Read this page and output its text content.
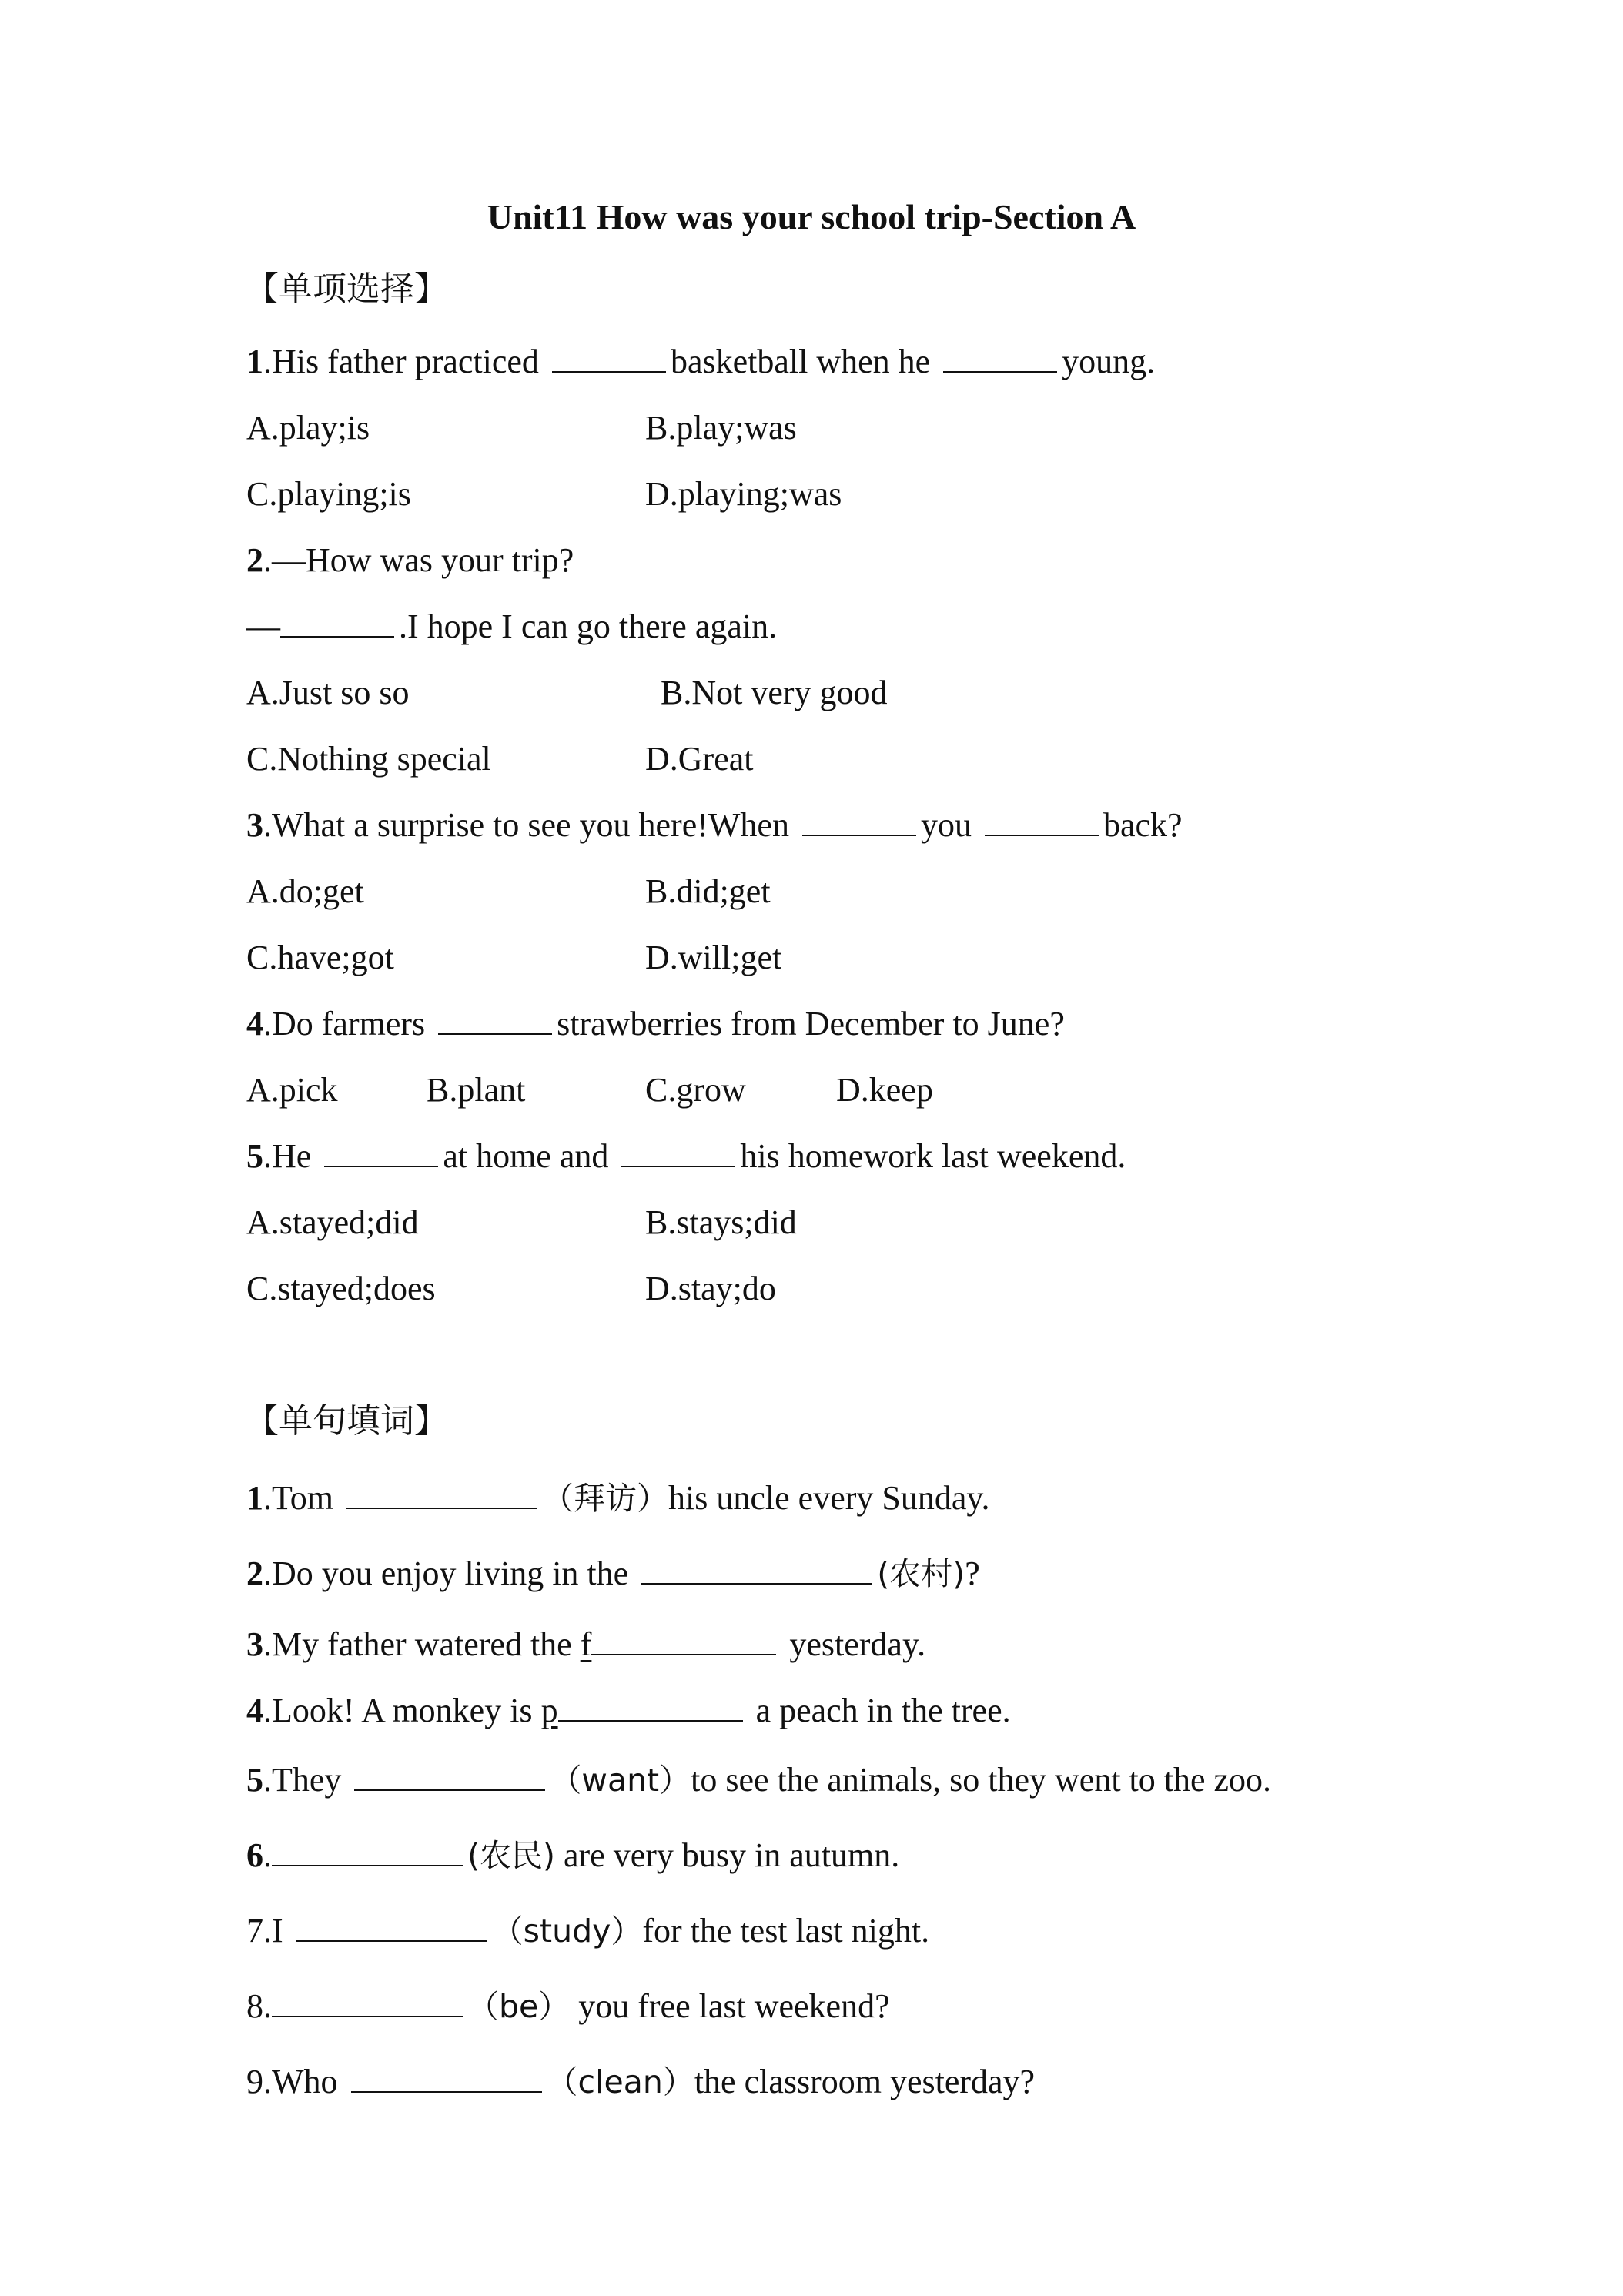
Unit11 How was your school trip-Section A
【单项选择】
1.His father practiced	basketball when he	young.
A.play;is	B.play;was
C.playing;is	D.playing;was
2.—How was your trip?
—	.I hope I can go there again.
A.Just so so	B.Not very good
C.Nothing special	D.Great
3.What a surprise to see you here!When	you	back?
A.do;get	B.did;get
C.have;got	D.will;get
4.Do farmers	strawberries from December to June?
A.pick	B.plant	C.grow	D.keep
5.He	at home and	his homework last weekend.
A.stayed;did	B.stays;did
C.stayed;does	D.stay;do
【单句填词】
1.Tom	（拜访）his uncle every Sunday.
2.Do you enjoy living in the	(农村)?
3.My father watered the f	yesterday.
4.Look! A monkey is p	a peach in the tree.
5.They	（want）to see the animals, so they went to the zoo.
6.	(农民) are very busy in autumn.
7.I	（study）for the test last night.
8.	（be） you free last weekend?
9.Who	（clean）the classroom yesterday?
